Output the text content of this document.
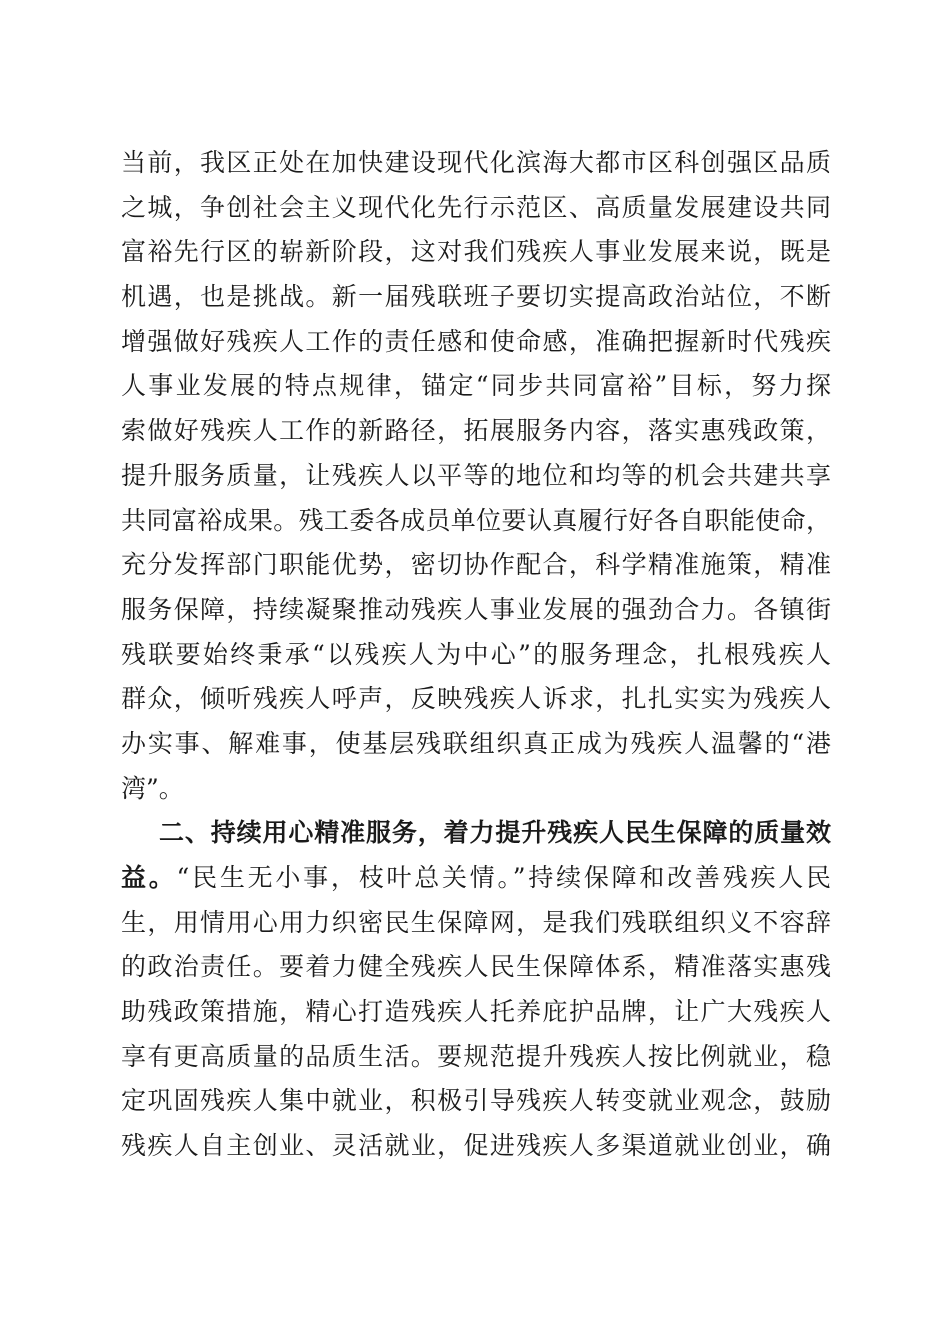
当前，我区正处在加快建设现代化滨海大都市区科创强区品质
之城，争创社会主义现代化先行示范区、高质量发展建设共同
富裕先行区的崭新阶段，这对我们残疾人事业发展来说，既是
机遇，也是挑战。新一届残联班子要切实提高政治站位，不断
增强做好残疾人工作的责任感和使命感，准确把握新时代残疾
人事业发展的特点规律，锚定“同步共同富裕”目标，努力探
索做好残疾人工作的新路径，拓展服务内容，落实惠残政策，
提升服务质量，让残疾人以平等的地位和均等的机会共建共享
共同富裕成果。残工委各成员单位要认真履行好各自职能使命，
充分发挥部门职能优势，密切协作配合，科学精准施策，精准
服务保障，持续凝聚推动残疾人事业发展的强劲合力。各镇街
残联要始终秉承“以残疾人为中心”的服务理念，扎根残疾人
群众，倾听残疾人呼声，反映残疾人诉求，扎扎实实为残疾人
办实事、解难事，使基层残联组织真正成为残疾人温馨的“港
湾”。
二、持续用心精准服务，着力提升残疾人民生保障的质量效
益。“民生无小事，枝叶总关情。”持续保障和改善残疾人民
生，用情用心用力织密民生保障网，是我们残联组织义不容辞
的政治责任。要着力健全残疾人民生保障体系，精准落实惠残
助残政策措施，精心打造残疾人托养庇护品牌，让广大残疾人
享有更高质量的品质生活。要规范提升残疾人按比例就业，稳
定巩固残疾人集中就业，积极引导残疾人转变就业观念，鼓励
残疾人自主创业、灵活就业，促进残疾人多渠道就业创业，确
